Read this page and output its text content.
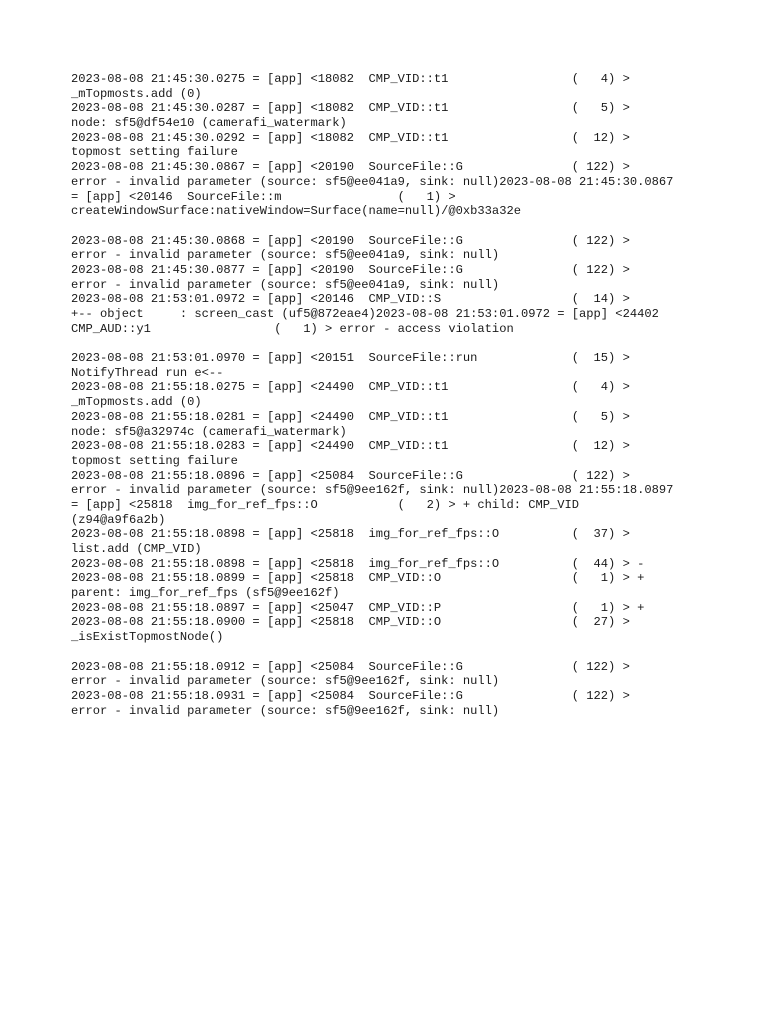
2023-08-08 21:45:30.0275 = [app] <18082  CMP_VID::t1                 (   4) >
_mTopmosts.add (0)
2023-08-08 21:45:30.0287 = [app] <18082  CMP_VID::t1                 (   5) >
node: sf5@df54e10 (camerafi_watermark)
2023-08-08 21:45:30.0292 = [app] <18082  CMP_VID::t1                 (  12) >
topmost setting failure
2023-08-08 21:45:30.0867 = [app] <20190  SourceFile::G               ( 122) >
error - invalid parameter (source: sf5@ee041a9, sink: null)2023-08-08 21:45:30.0867
= [app] <20146  SourceFile::m                (   1) >
createWindowSurface:nativeWindow=Surface(name=null)/@0xb33a32e
2023-08-08 21:45:30.0868 = [app] <20190  SourceFile::G               ( 122) >
error - invalid parameter (source: sf5@ee041a9, sink: null)
2023-08-08 21:45:30.0877 = [app] <20190  SourceFile::G               ( 122) >
error - invalid parameter (source: sf5@ee041a9, sink: null)
2023-08-08 21:53:01.0972 = [app] <20146  CMP_VID::S                  (  14) >
+-- object     : screen_cast (uf5@872eae4)2023-08-08 21:53:01.0972 = [app] <24402
CMP_AUD::y1                 (   1) > error - access violation
2023-08-08 21:53:01.0970 = [app] <20151  SourceFile::run             (  15) >
NotifyThread run e<--
2023-08-08 21:55:18.0275 = [app] <24490  CMP_VID::t1                 (   4) >
_mTopmosts.add (0)
2023-08-08 21:55:18.0281 = [app] <24490  CMP_VID::t1                 (   5) >
node: sf5@a32974c (camerafi_watermark)
2023-08-08 21:55:18.0283 = [app] <24490  CMP_VID::t1                 (  12) >
topmost setting failure
2023-08-08 21:55:18.0896 = [app] <25084  SourceFile::G               ( 122) >
error - invalid parameter (source: sf5@9ee162f, sink: null)2023-08-08 21:55:18.0897
= [app] <25818  img_for_ref_fps::O           (   2) > + child: CMP_VID
(z94@a9f6a2b)
2023-08-08 21:55:18.0898 = [app] <25818  img_for_ref_fps::O          (  37) >
list.add (CMP_VID)
2023-08-08 21:55:18.0898 = [app] <25818  img_for_ref_fps::O          (  44) > -
2023-08-08 21:55:18.0899 = [app] <25818  CMP_VID::O                  (   1) > +
parent: img_for_ref_fps (sf5@9ee162f)
2023-08-08 21:55:18.0897 = [app] <25047  CMP_VID::P                  (   1) > +
2023-08-08 21:55:18.0900 = [app] <25818  CMP_VID::O                  (  27) >
_isExistTopmostNode()
2023-08-08 21:55:18.0912 = [app] <25084  SourceFile::G               ( 122) >
error - invalid parameter (source: sf5@9ee162f, sink: null)
2023-08-08 21:55:18.0931 = [app] <25084  SourceFile::G               ( 122) >
error - invalid parameter (source: sf5@9ee162f, sink: null)
